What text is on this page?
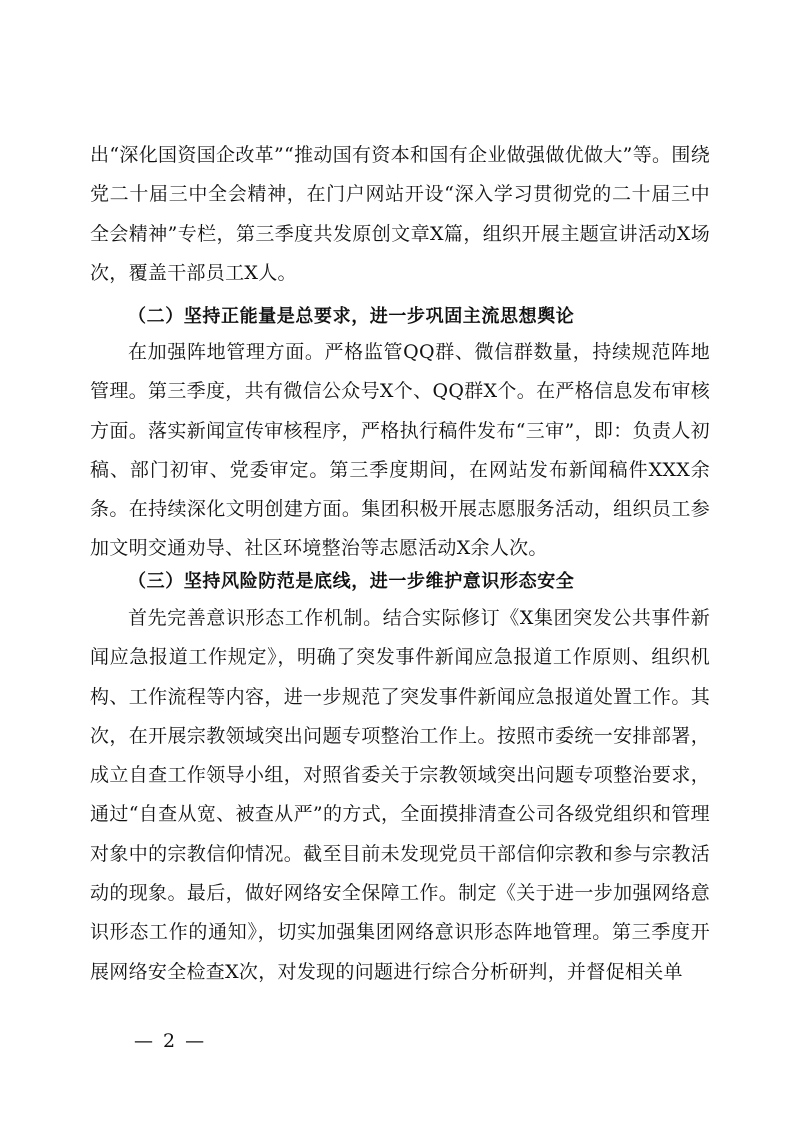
出“深化国资国企改革”“推动国有资本和国有企业做强做优做大”等。围绕党二十届三中全会精神，在门户网站开设“深入学习贯彻党的二十届三中全会精神”专栏，第三季度共发原创文章X篇，组织开展主题宣讲活动X场次，覆盖干部员工X人。

（二）坚持正能量是总要求，进一步巩固主流思想舆论

在加强阵地管理方面。严格监管QQ群、微信群数量，持续规范阵地管理。第三季度，共有微信公众号X个、QQ群X个。在严格信息发布审核方面。落实新闻宣传审核程序，严格执行稿件发布“三审”，即：负责人初稿、部门初审、党委审定。第三季度期间，在网站发布新闻稿件XXX余条。在持续深化文明创建方面。集团积极开展志愿服务活动，组织员工参加文明交通劝导、社区环境整治等志愿活动X余人次。

（三）坚持风险防范是底线，进一步维护意识形态安全

首先完善意识形态工作机制。结合实际修订《X集团突发公共事件新闻应急报道工作规定》，明确了突发事件新闻应急报道工作原则、组织机构、工作流程等内容，进一步规范了突发事件新闻应急报道处置工作。其次，在开展宗教领域突出问题专项整治工作上。按照市委统一安排部署，成立自查工作领导小组，对照省委关于宗教领域突出问题专项整治要求，通过“自查从宽、被查从严”的方式，全面摸排清查公司各级党组织和管理对象中的宗教信仰情况。截至目前未发现党员干部信仰宗教和参与宗教活动的现象。最后，做好网络安全保障工作。制定《关于进一步加强网络意识形态工作的通知》，切实加强集团网络意识形态阵地管理。第三季度开展网络安全检查X次，对发现的问题进行综合分析研判，并督促相关单

— 2 —
